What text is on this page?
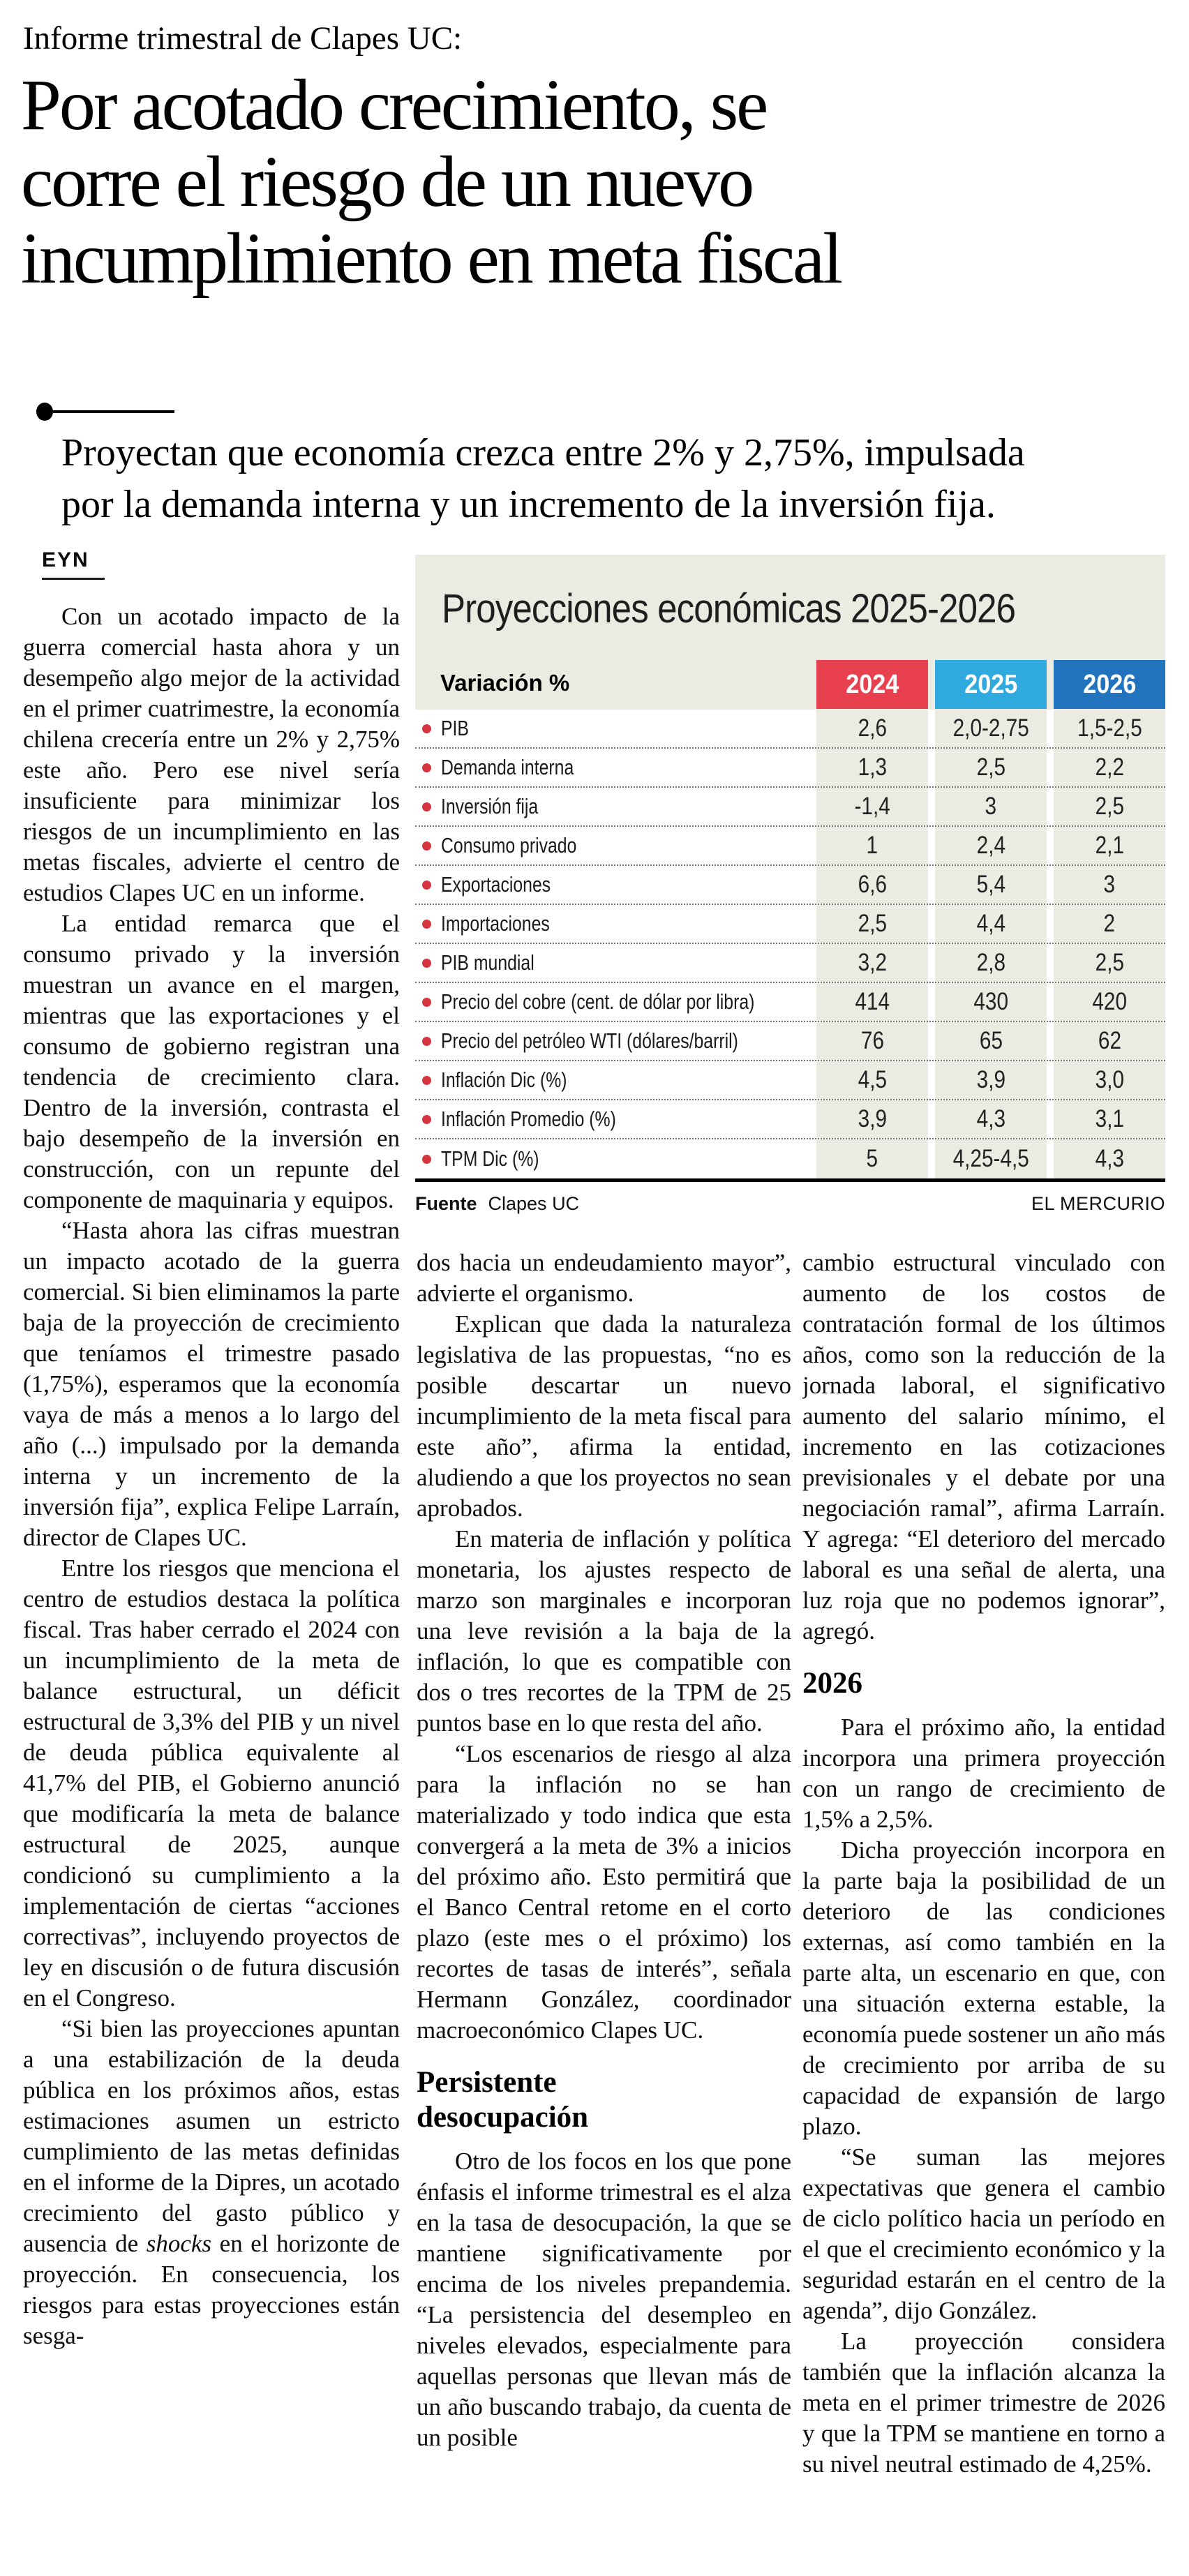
Informe trimestral de Clapes UC:
Por acotado crecimiento, se
corre el riesgo de un nuevo
incumplimiento en meta fiscal
Proyectan que economía crezca entre 2% y 2,75%, impulsada
por la demanda interna y un incremento de la inversión fija.
EYN

Con un acotado impacto de la guerra comercial hasta ahora y un desempeño algo mejor de la actividad en el primer cuatrimestre, la economía chilena crecería entre un 2% y 2,75% este año. Pero ese nivel sería insuficiente para minimizar los riesgos de un incumplimiento en las metas fiscales, advierte el centro de estudios Clapes UC en un informe.

La entidad remarca que el consumo privado y la inversión muestran un avance en el margen, mientras que las exportaciones y el consumo de gobierno registran una tendencia de crecimiento clara. Dentro de la inversión, contrasta el bajo desempeño de la inversión en construcción, con un repunte del componente de maquinaria y equipos.

“Hasta ahora las cifras muestran un impacto acotado de la guerra comercial. Si bien eliminamos la parte baja de la proyección de crecimiento que teníamos el trimestre pasado (1,75%), esperamos que la economía vaya de más a menos a lo largo del año (...) impulsado por la demanda interna y un incremento de la inversión fija”, explica Felipe Larraín, director de Clapes UC.

Entre los riesgos que menciona el centro de estudios destaca la política fiscal. Tras haber cerrado el 2024 con un incumplimiento de la meta de balance estructural, un déficit estructural de 3,3% del PIB y un nivel de deuda pública equivalente al 41,7% del PIB, el Gobierno anunció que modificaría la meta de balance estructural de 2025, aunque condicionó su cumplimiento a la implementación de ciertas “acciones correctivas”, incluyendo proyectos de ley en discusión o de futura discusión en el Congreso.

“Si bien las proyecciones apuntan a una estabilización de la deuda pública en los próximos años, estas estimaciones asumen un estricto cumplimiento de las metas definidas en el informe de la Dipres, un acotado crecimiento del gasto público y ausencia de shocks en el horizonte de proyección. En consecuencia, los riesgos para estas proyecciones están sesga-

Proyecciones económicas 2025-2026
Variación %	2024 2025 2026
PIB	2,6	2,0-2,75 1,5-2,5
Demanda interna	1,3	2,5	2,2
Inversión fija	-1,4	3	2,5
Consumo privado	1	2,4	2,1
Exportaciones	6,6	5,4	3
Importaciones	2,5	4,4	2
PIB mundial	3,2	2,8	2,5
Precio del cobre (cent. de dólar por libra)	414	430	420
Precio del petróleo WTI (dólares/barril)	76	65	62
Inflación Dic (%)	4,5	3,9	3,0
Inflación Promedio (%)	3,9	4,3	3,1
TPM Dic (%)	5	4,25-4,5	4,3
Fuente Clapes UC	EL MERCURIO

dos hacia un endeudamiento mayor”, advierte el organismo.

Explican que dada la naturaleza legislativa de las propuestas, “no es posible descartar un nuevo incumplimiento de la meta fiscal para este año”, afirma la entidad, aludiendo a que los proyectos no sean aprobados.

En materia de inflación y política monetaria, los ajustes respecto de marzo son marginales e incorporan una leve revisión a la baja de la inflación, lo que es compatible con dos o tres recortes de la TPM de 25 puntos base en lo que resta del año.

“Los escenarios de riesgo al alza para la inflación no se han materializado y todo indica que esta convergerá a la meta de 3% a inicios del próximo año. Esto permitirá que el Banco Central retome en el corto plazo (este mes o el próximo) los recortes de tasas de interés”, señala Hermann González, coordinador macroeconómico Clapes UC.

Persistente desocupación

Otro de los focos en los que pone énfasis el informe trimestral es el alza en la tasa de desocupación, la que se mantiene significativamente por encima de los niveles prepandemia. “La persistencia del desempleo en niveles elevados, especialmente para aquellas personas que llevan más de un año buscando trabajo, da cuenta de un posible

cambio estructural vinculado con aumento de los costos de contratación formal de los últimos años, como son la reducción de la jornada laboral, el significativo aumento del salario mínimo, el incremento en las cotizaciones previsionales y el debate por una negociación ramal”, afirma Larraín. Y agrega: “El deterioro del mercado laboral es una señal de alerta, una luz roja que no podemos ignorar”, agregó.

2026

Para el próximo año, la entidad incorpora una primera proyección con un rango de crecimiento de 1,5% a 2,5%.

Dicha proyección incorpora en la parte baja la posibilidad de un deterioro de las condiciones externas, así como también en la parte alta, un escenario en que, con una situación externa estable, la economía puede sostener un año más de crecimiento por arriba de su capacidad de expansión de largo plazo.

“Se suman las mejores expectativas que genera el cambio de ciclo político hacia un período en el que el crecimiento económico y la seguridad estarán en el centro de la agenda”, dijo González.

La proyección considera también que la inflación alcanza la meta en el primer trimestre de 2026 y que la TPM se mantiene en torno a su nivel neutral estimado de 4,25%.
